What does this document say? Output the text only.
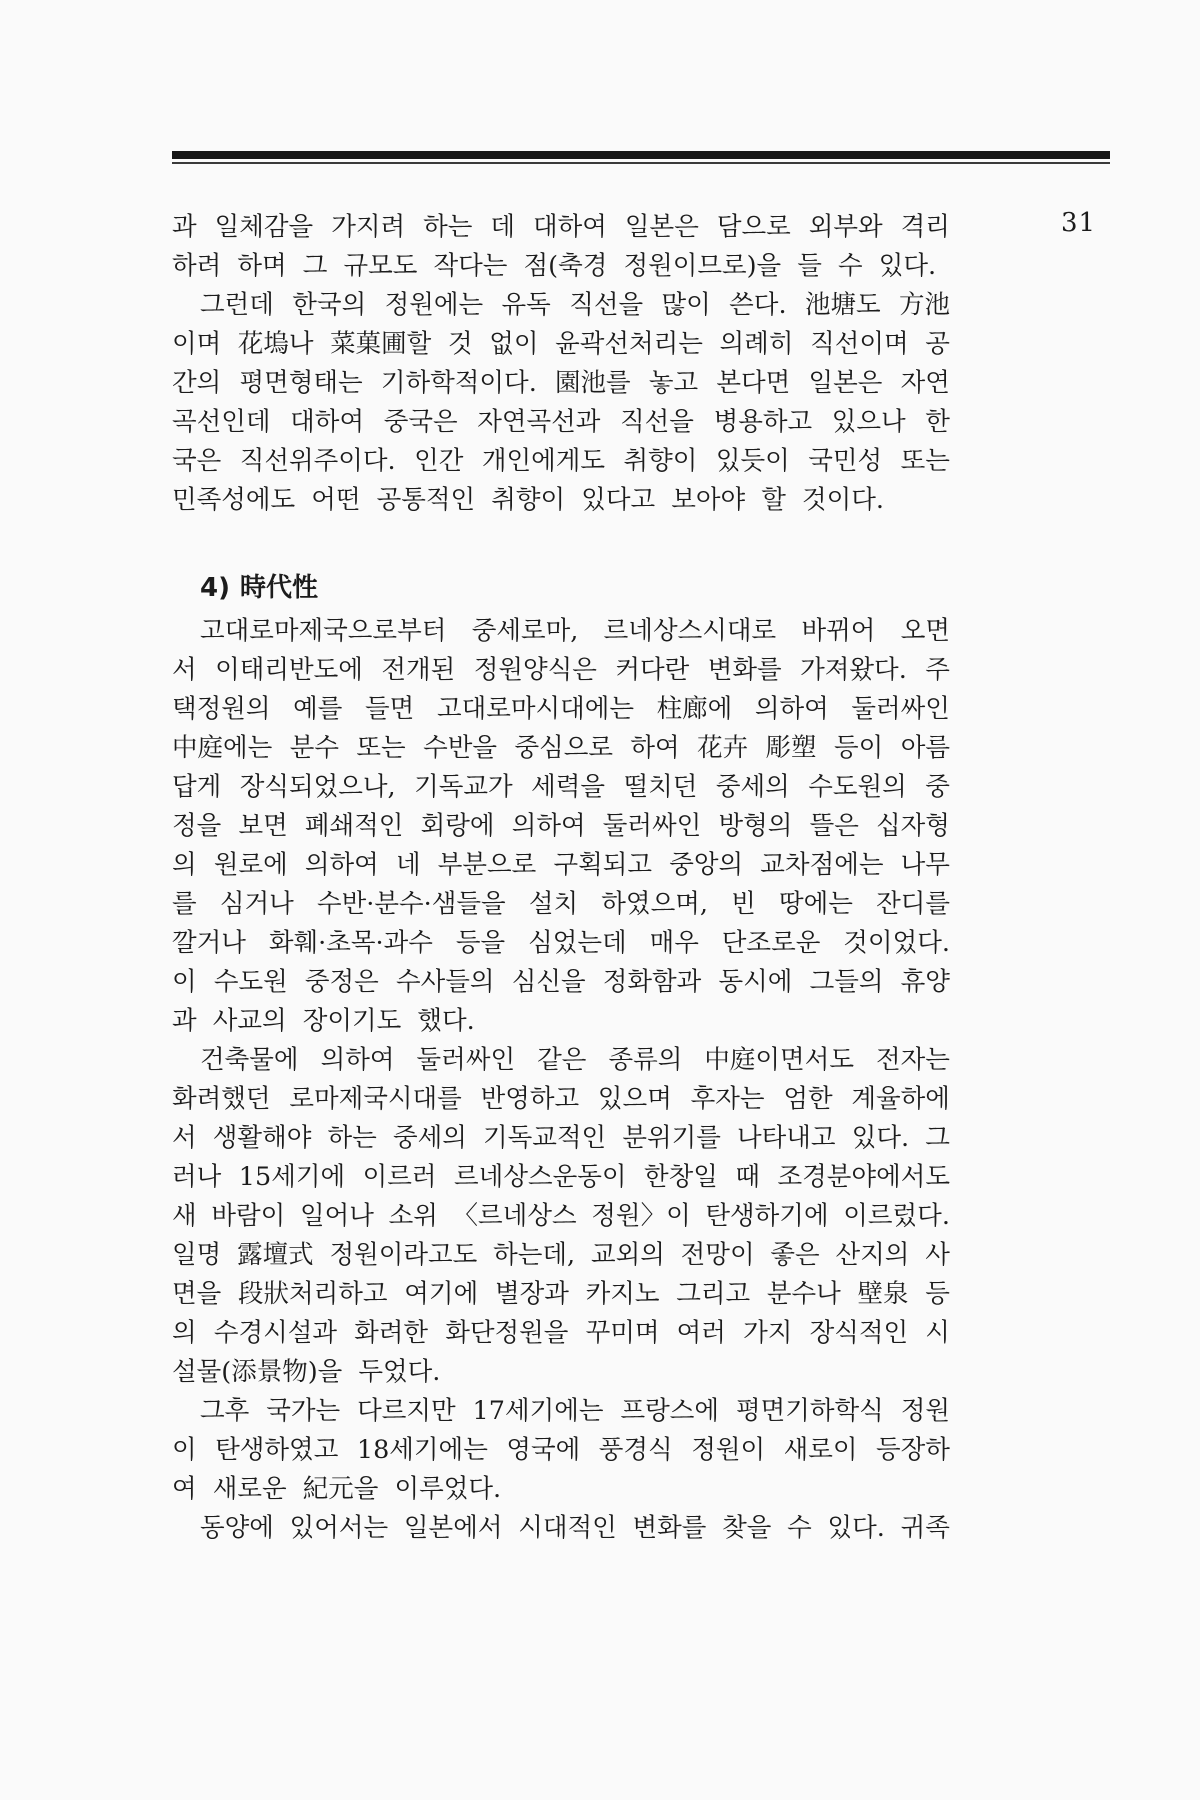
31
과 일체감을 가지려 하는 데 대하여 일본은 담으로 외부와 격리
하려 하며 그 규모도 작다는 점(축경 정원이므로)을 들 수 있다.
그런데 한국의 정원에는 유독 직선을 많이 쓴다. 池塘도 方池
이며 花塢나 菜菓圃할 것 없이 윤곽선처리는 의례히 직선이며 공
간의 평면형태는 기하학적이다. 園池를 놓고 본다면 일본은 자연
곡선인데 대하여 중국은 자연곡선과 직선을 병용하고 있으나 한
국은 직선위주이다. 인간 개인에게도 취향이 있듯이 국민성 또는
민족성에도 어떤 공통적인 취향이 있다고 보아야 할 것이다.
4) 時代性
고대로마제국으로부터 중세로마, 르네상스시대로 바뀌어 오면
서 이태리반도에 전개된 정원양식은 커다란 변화를 가져왔다. 주
택정원의 예를 들면 고대로마시대에는 柱廊에 의하여 둘러싸인
中庭에는 분수 또는 수반을 중심으로 하여 花卉 彫塑 등이 아름
답게 장식되었으나, 기독교가 세력을 떨치던 중세의 수도원의 중
정을 보면 폐쇄적인 회랑에 의하여 둘러싸인 방형의 뜰은 십자형
의 원로에 의하여 네 부분으로 구획되고 중앙의 교차점에는 나무
를 심거나 수반·분수·샘들을 설치 하였으며, 빈 땅에는 잔디를
깔거나 화훼·초목·과수 등을 심었는데 매우 단조로운 것이었다.
이 수도원 중정은 수사들의 심신을 정화함과 동시에 그들의 휴양
과 사교의 장이기도 했다.
건축물에 의하여 둘러싸인 같은 종류의 中庭이면서도 전자는
화려했던 로마제국시대를 반영하고 있으며 후자는 엄한 계율하에
서 생활해야 하는 중세의 기독교적인 분위기를 나타내고 있다. 그
러나 15세기에 이르러 르네상스운동이 한창일 때 조경분야에서도
새 바람이 일어나 소위 〈르네상스 정원〉이 탄생하기에 이르렀다.
일명 露壇式 정원이라고도 하는데, 교외의 전망이 좋은 산지의 사
면을 段狀처리하고 여기에 별장과 카지노 그리고 분수나 壁泉 등
의 수경시설과 화려한 화단정원을 꾸미며 여러 가지 장식적인 시
설물(添景物)을 두었다.
그후 국가는 다르지만 17세기에는 프랑스에 평면기하학식 정원
이 탄생하였고 18세기에는 영국에 풍경식 정원이 새로이 등장하
여 새로운 紀元을 이루었다.
동양에 있어서는 일본에서 시대적인 변화를 찾을 수 있다. 귀족
